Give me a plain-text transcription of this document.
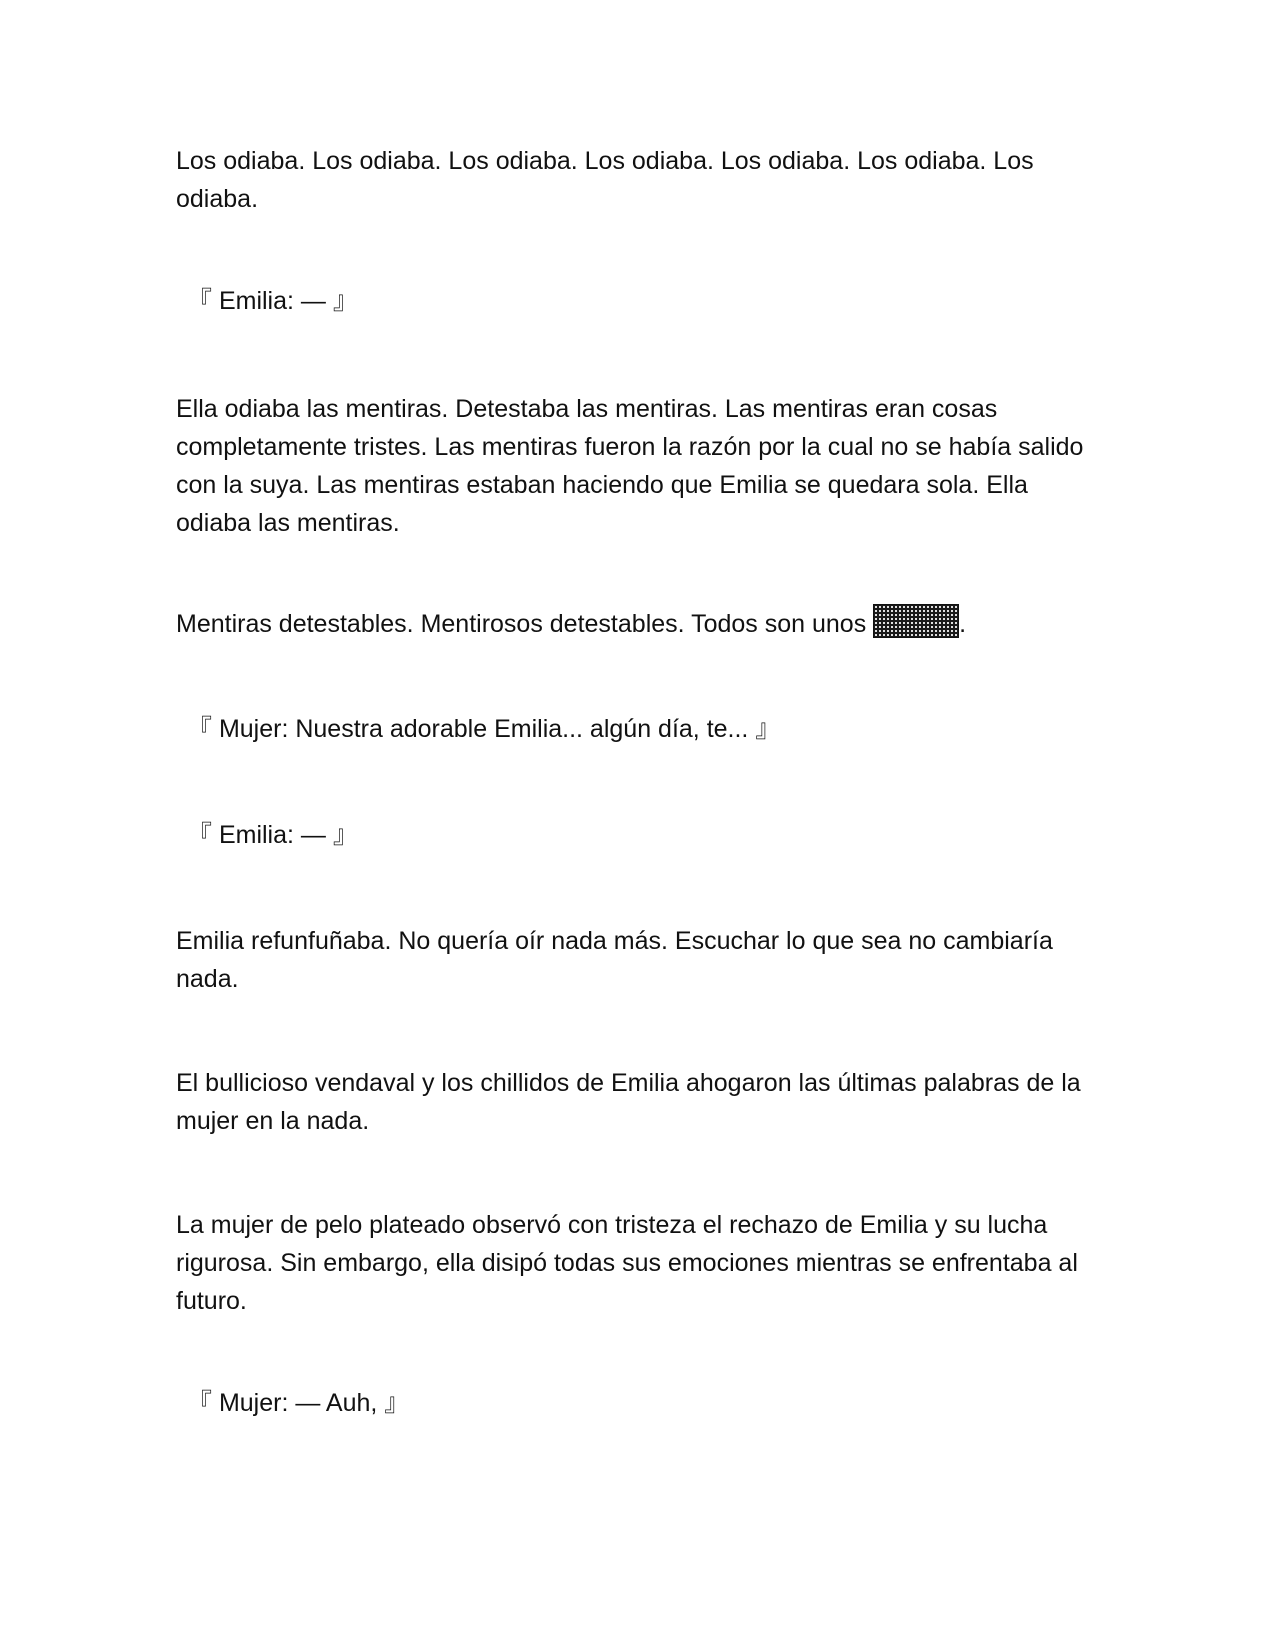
Los odiaba. Los odiaba. Los odiaba. Los odiaba. Los odiaba. Los odiaba. Los odiaba.

『 Emilia: — 』

Ella odiaba las mentiras. Detestaba las mentiras. Las mentiras eran cosas completamente tristes. Las mentiras fueron la razón por la cual no se había salido con la suya. Las mentiras estaban haciendo que Emilia se quedara sola. Ella odiaba las mentiras.

Mentiras detestables. Mentirosos detestables. Todos son unos	.

『 Mujer: Nuestra adorable Emilia... algún día, te... 』

『 Emilia: — 』

Emilia refunfuñaba. No quería oír nada más. Escuchar lo que sea no cambiaría nada.

El bullicioso vendaval y los chillidos de Emilia ahogaron las últimas palabras de la mujer en la nada.

La mujer de pelo plateado observó con tristeza el rechazo de Emilia y su lucha rigurosa. Sin embargo, ella disipó todas sus emociones mientras se enfrentaba al futuro.

『 Mujer: — Auh, 』
